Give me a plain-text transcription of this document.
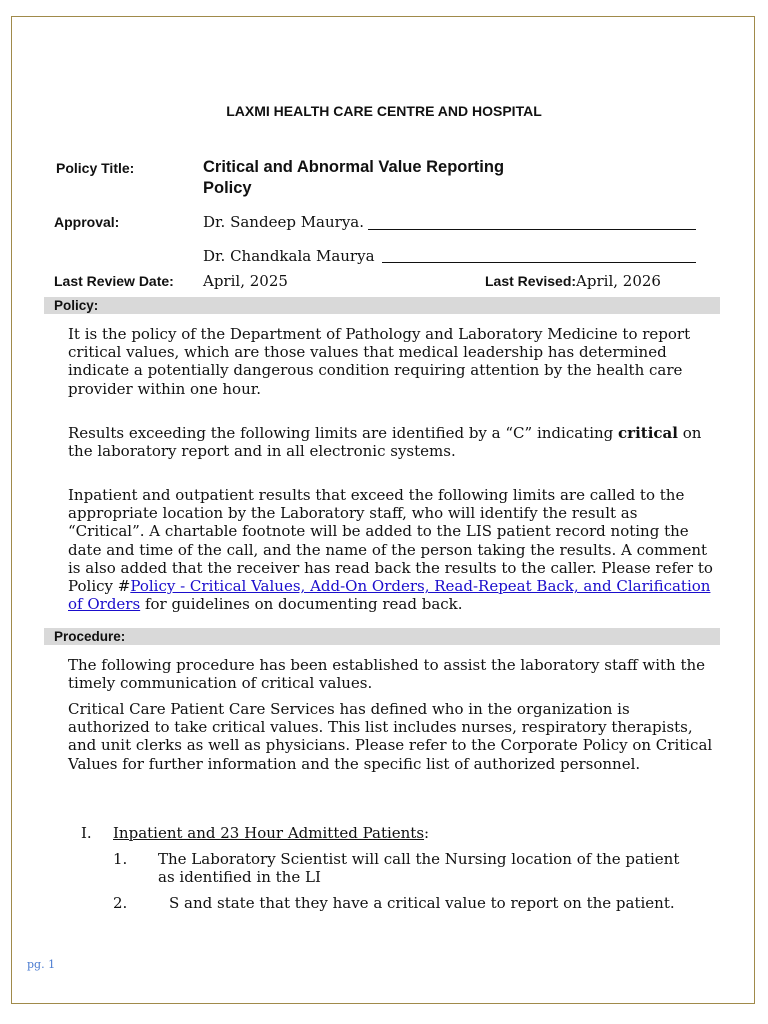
LAXMI HEALTH CARE CENTRE AND HOSPITAL
Policy Title:	Critical and Abnormal Value Reporting
Policy
Approval:	Dr. Sandeep Maurya.
Dr. Chandkala Maurya
Last Review Date: April, 2025	Last Revised:April, 2026
Policy:
It is the policy of the Department of Pathology and Laboratory Medicine to report critical values, which are those values that medical leadership has determined indicate a potentially dangerous condition requiring attention by the health care provider within one hour.
Results exceeding the following limits are identified by a “C” indicating critical on the laboratory report and in all electronic systems.
Inpatient and outpatient results that exceed the following limits are called to the appropriate location by the Laboratory staff, who will identify the result as “Critical”. A chartable footnote will be added to the LIS patient record noting the date and time of the call, and the name of the person taking the results. A comment is also added that the receiver has read back the results to the caller. Please refer to Policy #Policy - Critical Values, Add-On Orders, Read-Repeat Back, and Clarification of Orders for guidelines on documenting read back.
Procedure:
The following procedure has been established to assist the laboratory staff with the timely communication of critical values.
Critical Care Patient Care Services has defined who in the organization is authorized to take critical values. This list includes nurses, respiratory therapists, and unit clerks as well as physicians. Please refer to the Corporate Policy on Critical Values for further information and the specific list of authorized personnel.
I. Inpatient and 23 Hour Admitted Patients:
1. The Laboratory Scientist will call the Nursing location of the patient
as identified in the LI
2.	S and state that they have a critical value to report on the patient.
pg. 1
